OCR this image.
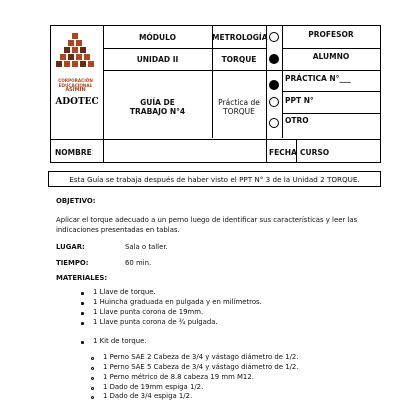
CORPORACIÓN
EDUCACIONAL
ASIMIN
ADOTEC
MÓDULO	METROLOGÍA
UNIDAD II	TORQUE
GUÍA DE
TRABAJO N°4
Práctica de
TORQUE
PROFESOR
ALUMNO
PRÁCTICA N°___
PPT N°
OTRO
NOMBRE	FECHA CURSO
Esta Guía se trabaja después de haber visto el PPT N° 3 de la Unidad 2 TORQUE.
OBJETIVO:
Aplicar el torque adecuado a un perno luego de identificar sus características y leer las
indicaciones presentadas en tablas.
LUGAR:	Sala o taller.
TIEMPO:	60 min.
MATERIALES:
1 Llave de torque.
1 Huincha graduada en pulgada y en milímetros.
1 Llave punta corona de 19mm.
1 Llave punta corona de ¾ pulgada.
1 Kit de torque.
1 Perno SAE 2 Cabeza de 3/4 y vástago diámetro de 1/2.
1 Perno SAE 5 Cabeza de 3/4 y vástago diámetro de 1/2.
1 Perno métrico de 8.8 cabeza 19 mm M12.
1 Dado de 19mm espiga 1/2.
1 Dado de 3/4 espiga 1/2.
